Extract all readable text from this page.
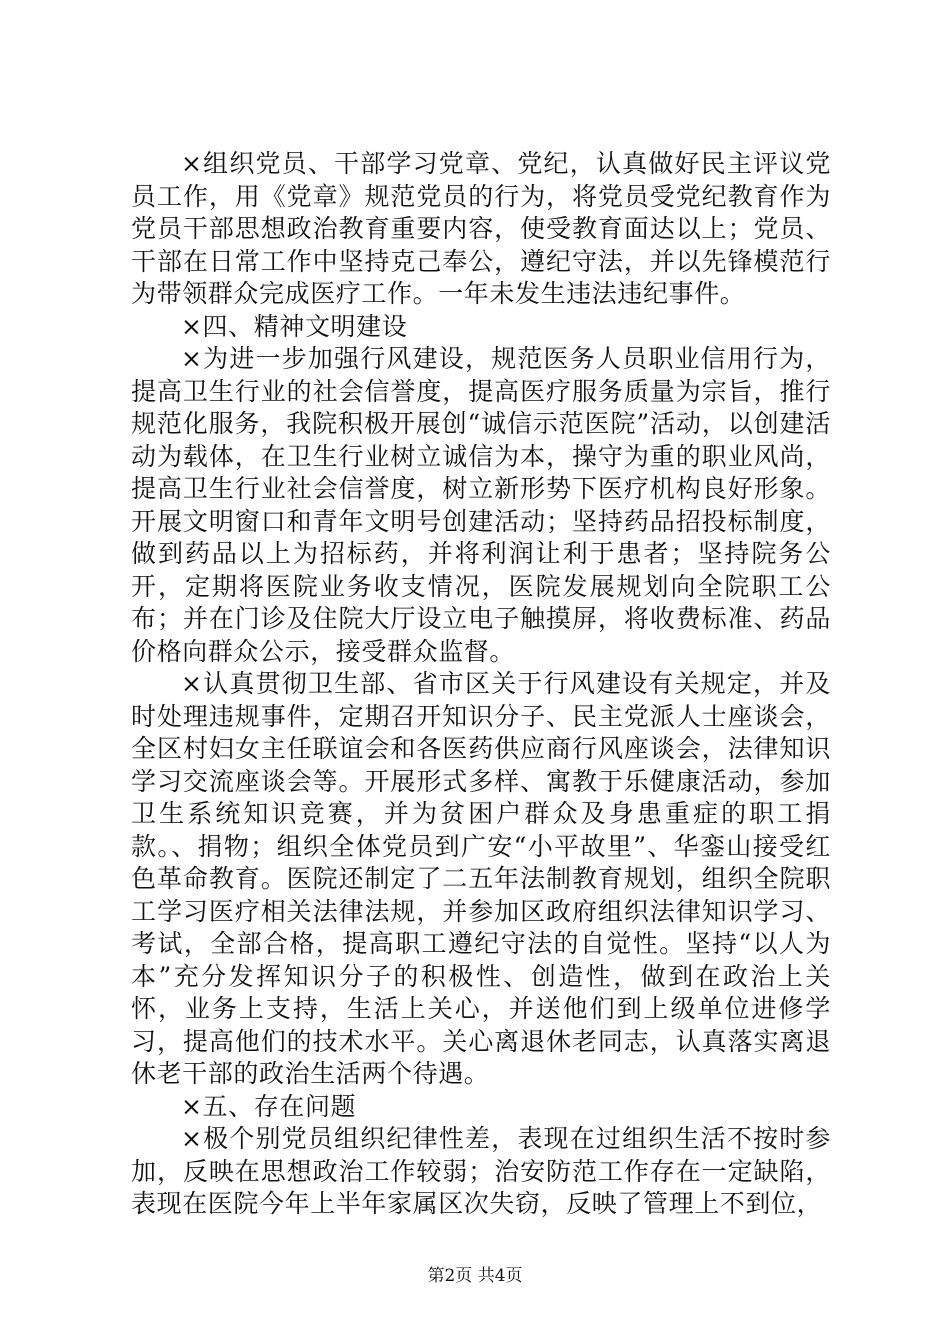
×组织党员、干部学习党章、党纪，认真做好民主评议党员工作，用《党章》规范党员的行为，将党员受党纪教育作为党员干部思想政治教育重要内容，使受教育面达以上；党员、干部在日常工作中坚持克己奉公，遵纪守法，并以先锋模范行为带领群众完成医疗工作。一年未发生违法违纪事件。

×四、精神文明建设

×为进一步加强行风建设，规范医务人员职业信用行为，提高卫生行业的社会信誉度，提高医疗服务质量为宗旨，推行规范化服务，我院积极开展创“诚信示范医院”活动，以创建活动为载体，在卫生行业树立诚信为本，操守为重的职业风尚，提高卫生行业社会信誉度，树立新形势下医疗机构良好形象。开展文明窗口和青年文明号创建活动；坚持药品招投标制度，做到药品以上为招标药，并将利润让利于患者；坚持院务公开，定期将医院业务收支情况，医院发展规划向全院职工公布；并在门诊及住院大厅设立电子触摸屏，将收费标准、药品价格向群众公示，接受群众监督。

×认真贯彻卫生部、省市区关于行风建设有关规定，并及时处理违规事件，定期召开知识分子、民主党派人士座谈会，全区村妇女主任联谊会和各医药供应商行风座谈会，法律知识学习交流座谈会等。开展形式多样、寓教于乐健康活动，参加卫生系统知识竞赛，并为贫困户群众及身患重症的职工捐款。、捐物；组织全体党员到广安“小平故里”、华銮山接受红色革命教育。医院还制定了二五年法制教育规划，组织全院职工学习医疗相关法律法规，并参加区政府组织法律知识学习、考试，全部合格，提高职工遵纪守法的自觉性。坚持“以人为本”充分发挥知识分子的积极性、创造性，做到在政治上关怀，业务上支持，生活上关心，并送他们到上级单位进修学习，提高他们的技术水平。关心离退休老同志，认真落实离退休老干部的政治生活两个待遇。

×五、存在问题

×极个别党员组织纪律性差，表现在过组织生活不按时参加，反映在思想政治工作较弱；治安防范工作存在一定缺陷，表现在医院今年上半年家属区次失窃，反映了管理上不到位，

第2页 共4页
